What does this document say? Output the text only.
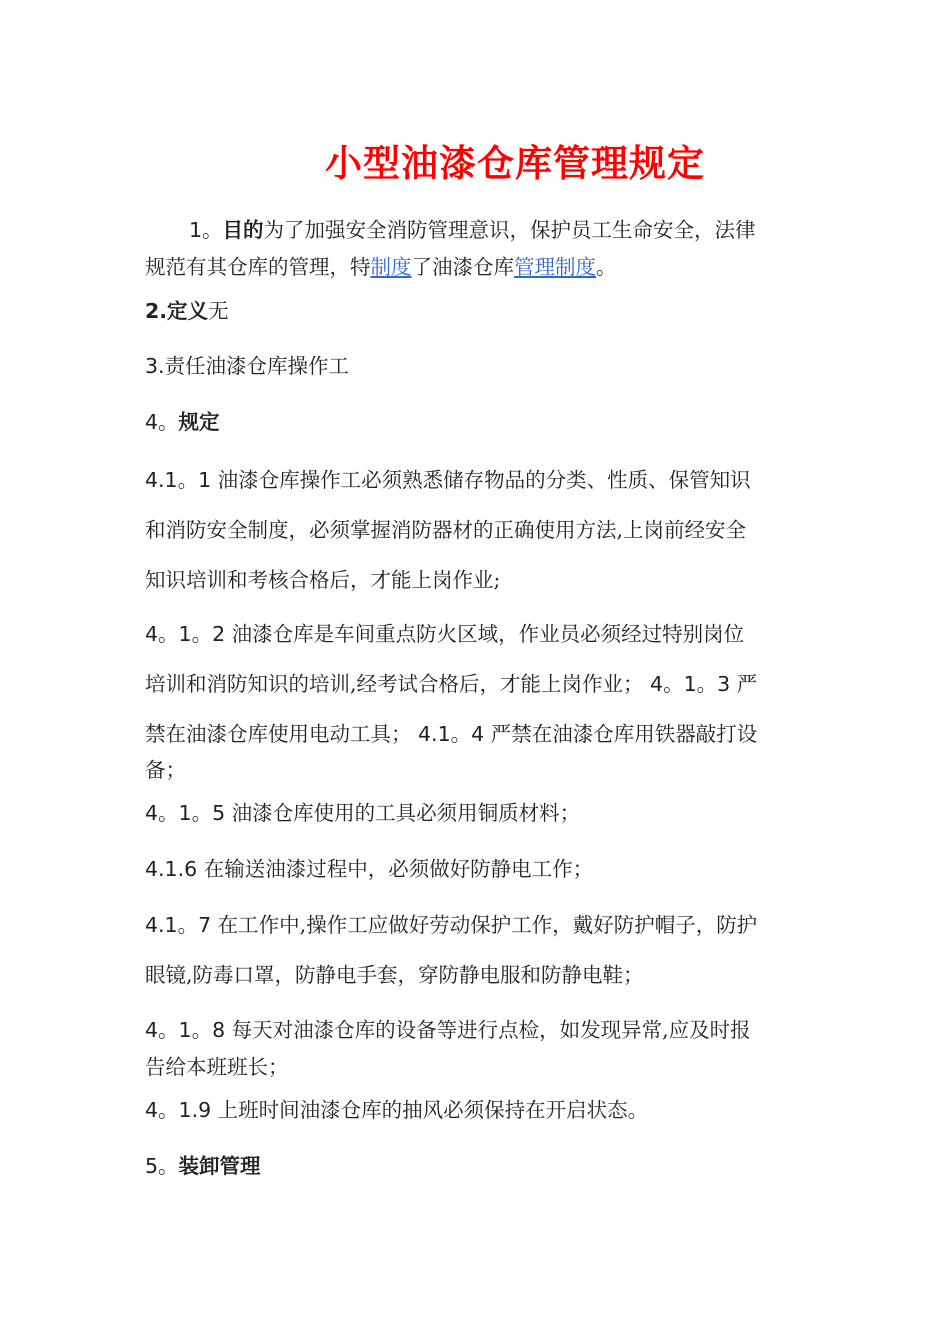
小型油漆仓库管理规定
1。目的为了加强安全消防管理意识，保护员工生命安全，法律
规范有其仓库的管理，特制度了油漆仓库管理制度。
2.定义无
3.责任油漆仓库操作工
4。规定
4.1。1 油漆仓库操作工必须熟悉储存物品的分类、性质、保管知识
和消防安全制度，必须掌握消防器材的正确使用方法,上岗前经安全
知识培训和考核合格后，才能上岗作业;
4。1。2 油漆仓库是车间重点防火区域，作业员必须经过特别岗位
培训和消防知识的培训,经考试合格后，才能上岗作业； 4。1。3 严
禁在油漆仓库使用电动工具； 4.1。4 严禁在油漆仓库用铁器敲打设
备；
4。1。5 油漆仓库使用的工具必须用铜质材料；
4.1.6 在输送油漆过程中，必须做好防静电工作；
4.1。7 在工作中,操作工应做好劳动保护工作，戴好防护帽子，防护
眼镜,防毒口罩，防静电手套，穿防静电服和防静电鞋；
4。1。8 每天对油漆仓库的设备等进行点检，如发现异常,应及时报
告给本班班长；
4。1.9 上班时间油漆仓库的抽风必须保持在开启状态。
5。装卸管理
